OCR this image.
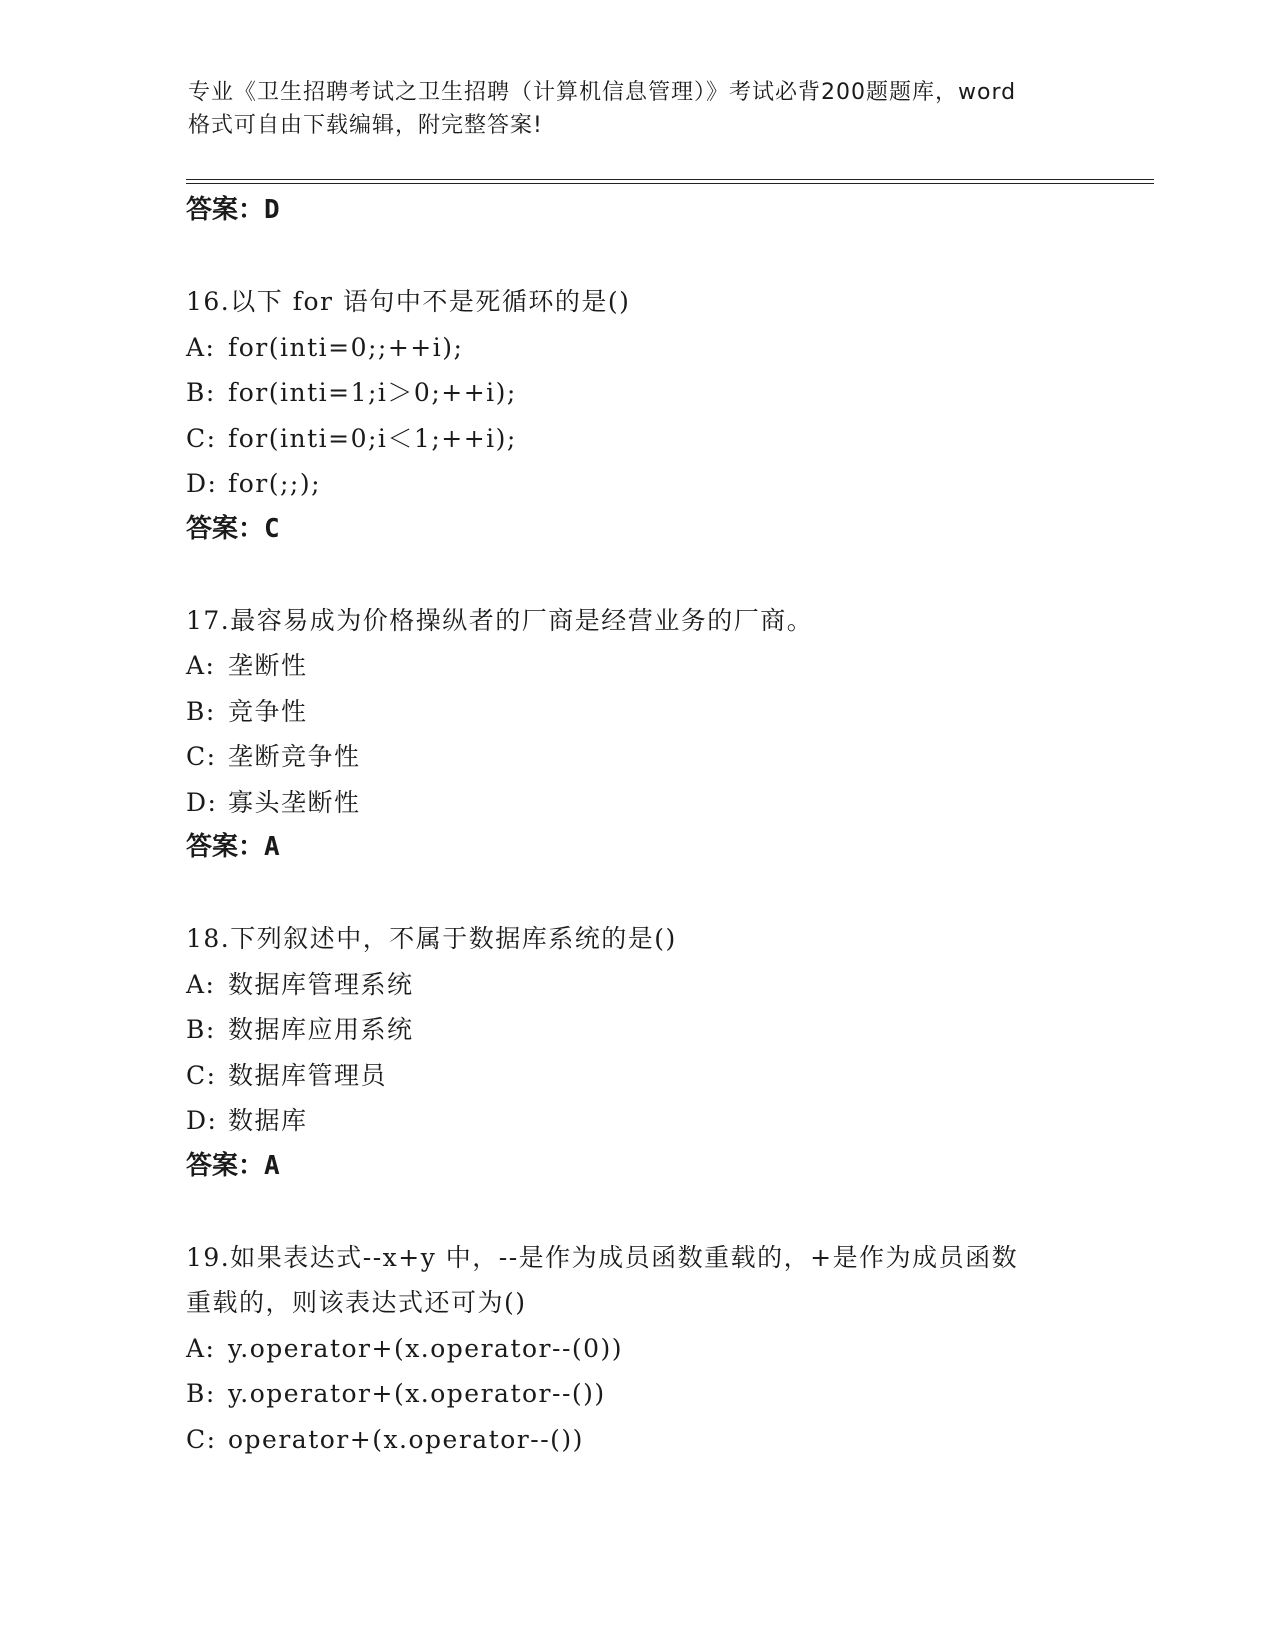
专业《卫生招聘考试之卫生招聘（计算机信息管理）》考试必背200题题库，word
格式可自由下载编辑，附完整答案!
答案：D
16.以下 for 语句中不是死循环的是()
A: for(inti=0;;++i);
B: for(inti=1;i＞0;++i);
C: for(inti=0;i＜1;++i);
D: for(;;);
答案：C
17.最容易成为价格操纵者的厂商是经营业务的厂商。
A: 垄断性
B: 竞争性
C: 垄断竞争性
D: 寡头垄断性
答案：A
18.下列叙述中，不属于数据库系统的是()
A: 数据库管理系统
B: 数据库应用系统
C: 数据库管理员
D: 数据库
答案：A
19.如果表达式--x+y 中，--是作为成员函数重载的，+是作为成员函数
重载的，则该表达式还可为()
A: y.operator+(x.operator--(0))
B: y.operator+(x.operator--())
C: operator+(x.operator--())
